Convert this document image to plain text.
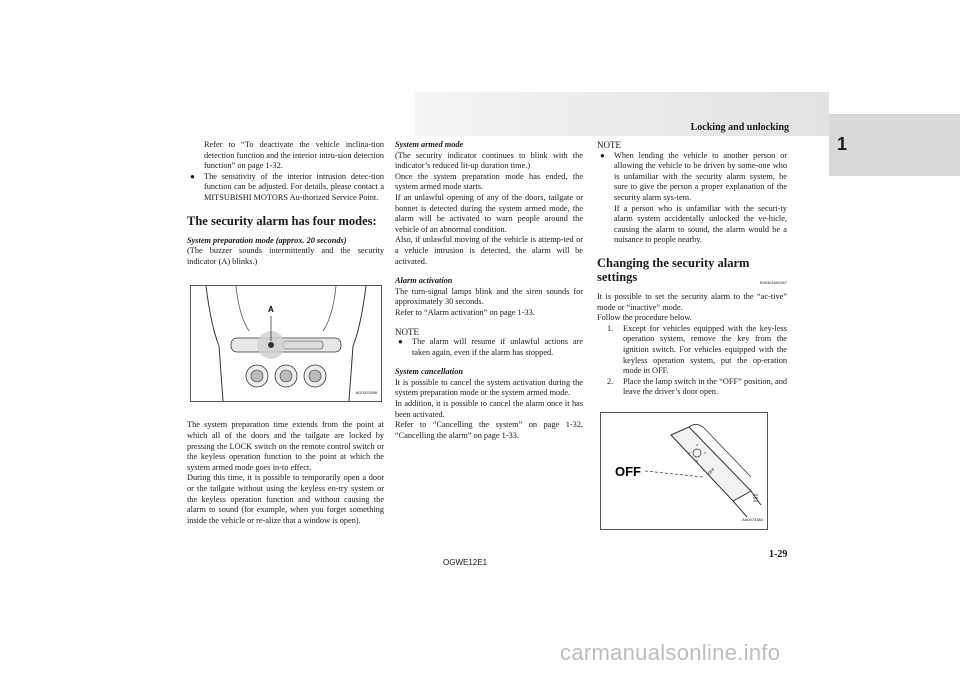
Locking and unlocking
1

Refer to “To deactivate the vehicle inclina-tion detection function and the interior intru-sion detection function” on page 1-32.

● The sensitivity of the interior intrusion detec-tion function can be adjusted. For details, please contact a MITSUBISHI MOTORS Au-thorized Service Point.

The security alarm has four modes:

System preparation mode (approx. 20 seconds)

(The buzzer sounds intermittently and the security indicator (A) blinks.)

A
AG0022598

The system preparation time extends from the point at which all of the doors and the tailgate are locked by pressing the LOCK switch on the remote control switch or the keyless operation function to the point at which the system armed mode goes in-to effect.

During this time, it is possible to temporarily open a door or the tailgate without using the keyless en-try system or the keyless operation function and without causing the alarm to sound (for example, when you forget something inside the vehicle or re-alize that a window is open).

System armed mode

(The security indicator continues to blink with the indicator’s reduced lit-up duration time.)

Once the system preparation mode has ended, the system armed mode starts.

If an unlawful opening of any of the doors, tailgate or bonnet is detected during the system armed mode, the alarm will be activated to warn people around the vehicle of an abnormal condition.

Also, if unlawful moving of the vehicle is attemp-ted or a vehicle intrusion is detected, the alarm will be activated.

Alarm activation

The turn-signal lamps blink and the siren sounds for approximately 30 seconds.

Refer to “Alarm activation” on page 1-33.

NOTE

● The alarm will resume if unlawful actions are taken again, even if the alarm has stopped.

System cancellation

It is possible to cancel the system activation during the system preparation mode or the system armed mode.

In addition, it is possible to cancel the alarm once it has been activated.

Refer to “Cancelling the system” on page 1-32, “Cancelling the alarm” on page 1-33.

NOTE

● When lending the vehicle to another person or allowing the vehicle to be driven by some-one who is unfamiliar with the security alarm system, be sure to give the person a proper explanation of the security alarm sys-tem.

If a person who is unfamiliar with the securi-ty alarm system accidentally unlocked the ve-hicle, causing the alarm to sound, the alarm would be a nuisance to people nearby.

Changing the security alarm settings	E00301600267

It is possible to set the security alarm to the “ac-tive” mode or “inactive” mode.

Follow the procedure below.

1. Except for vehicles equipped with the key-less operation system, remove the key from the ignition switch. For vehicles equipped with the keyless operation system, put the op-eration mode in OFF.

2. Place the lamp switch in the “OFF” position, and leave the driver’s door open.

OFF	OFF
AA0074384
OGWE12E1
1-29
carmanualsonline.info
